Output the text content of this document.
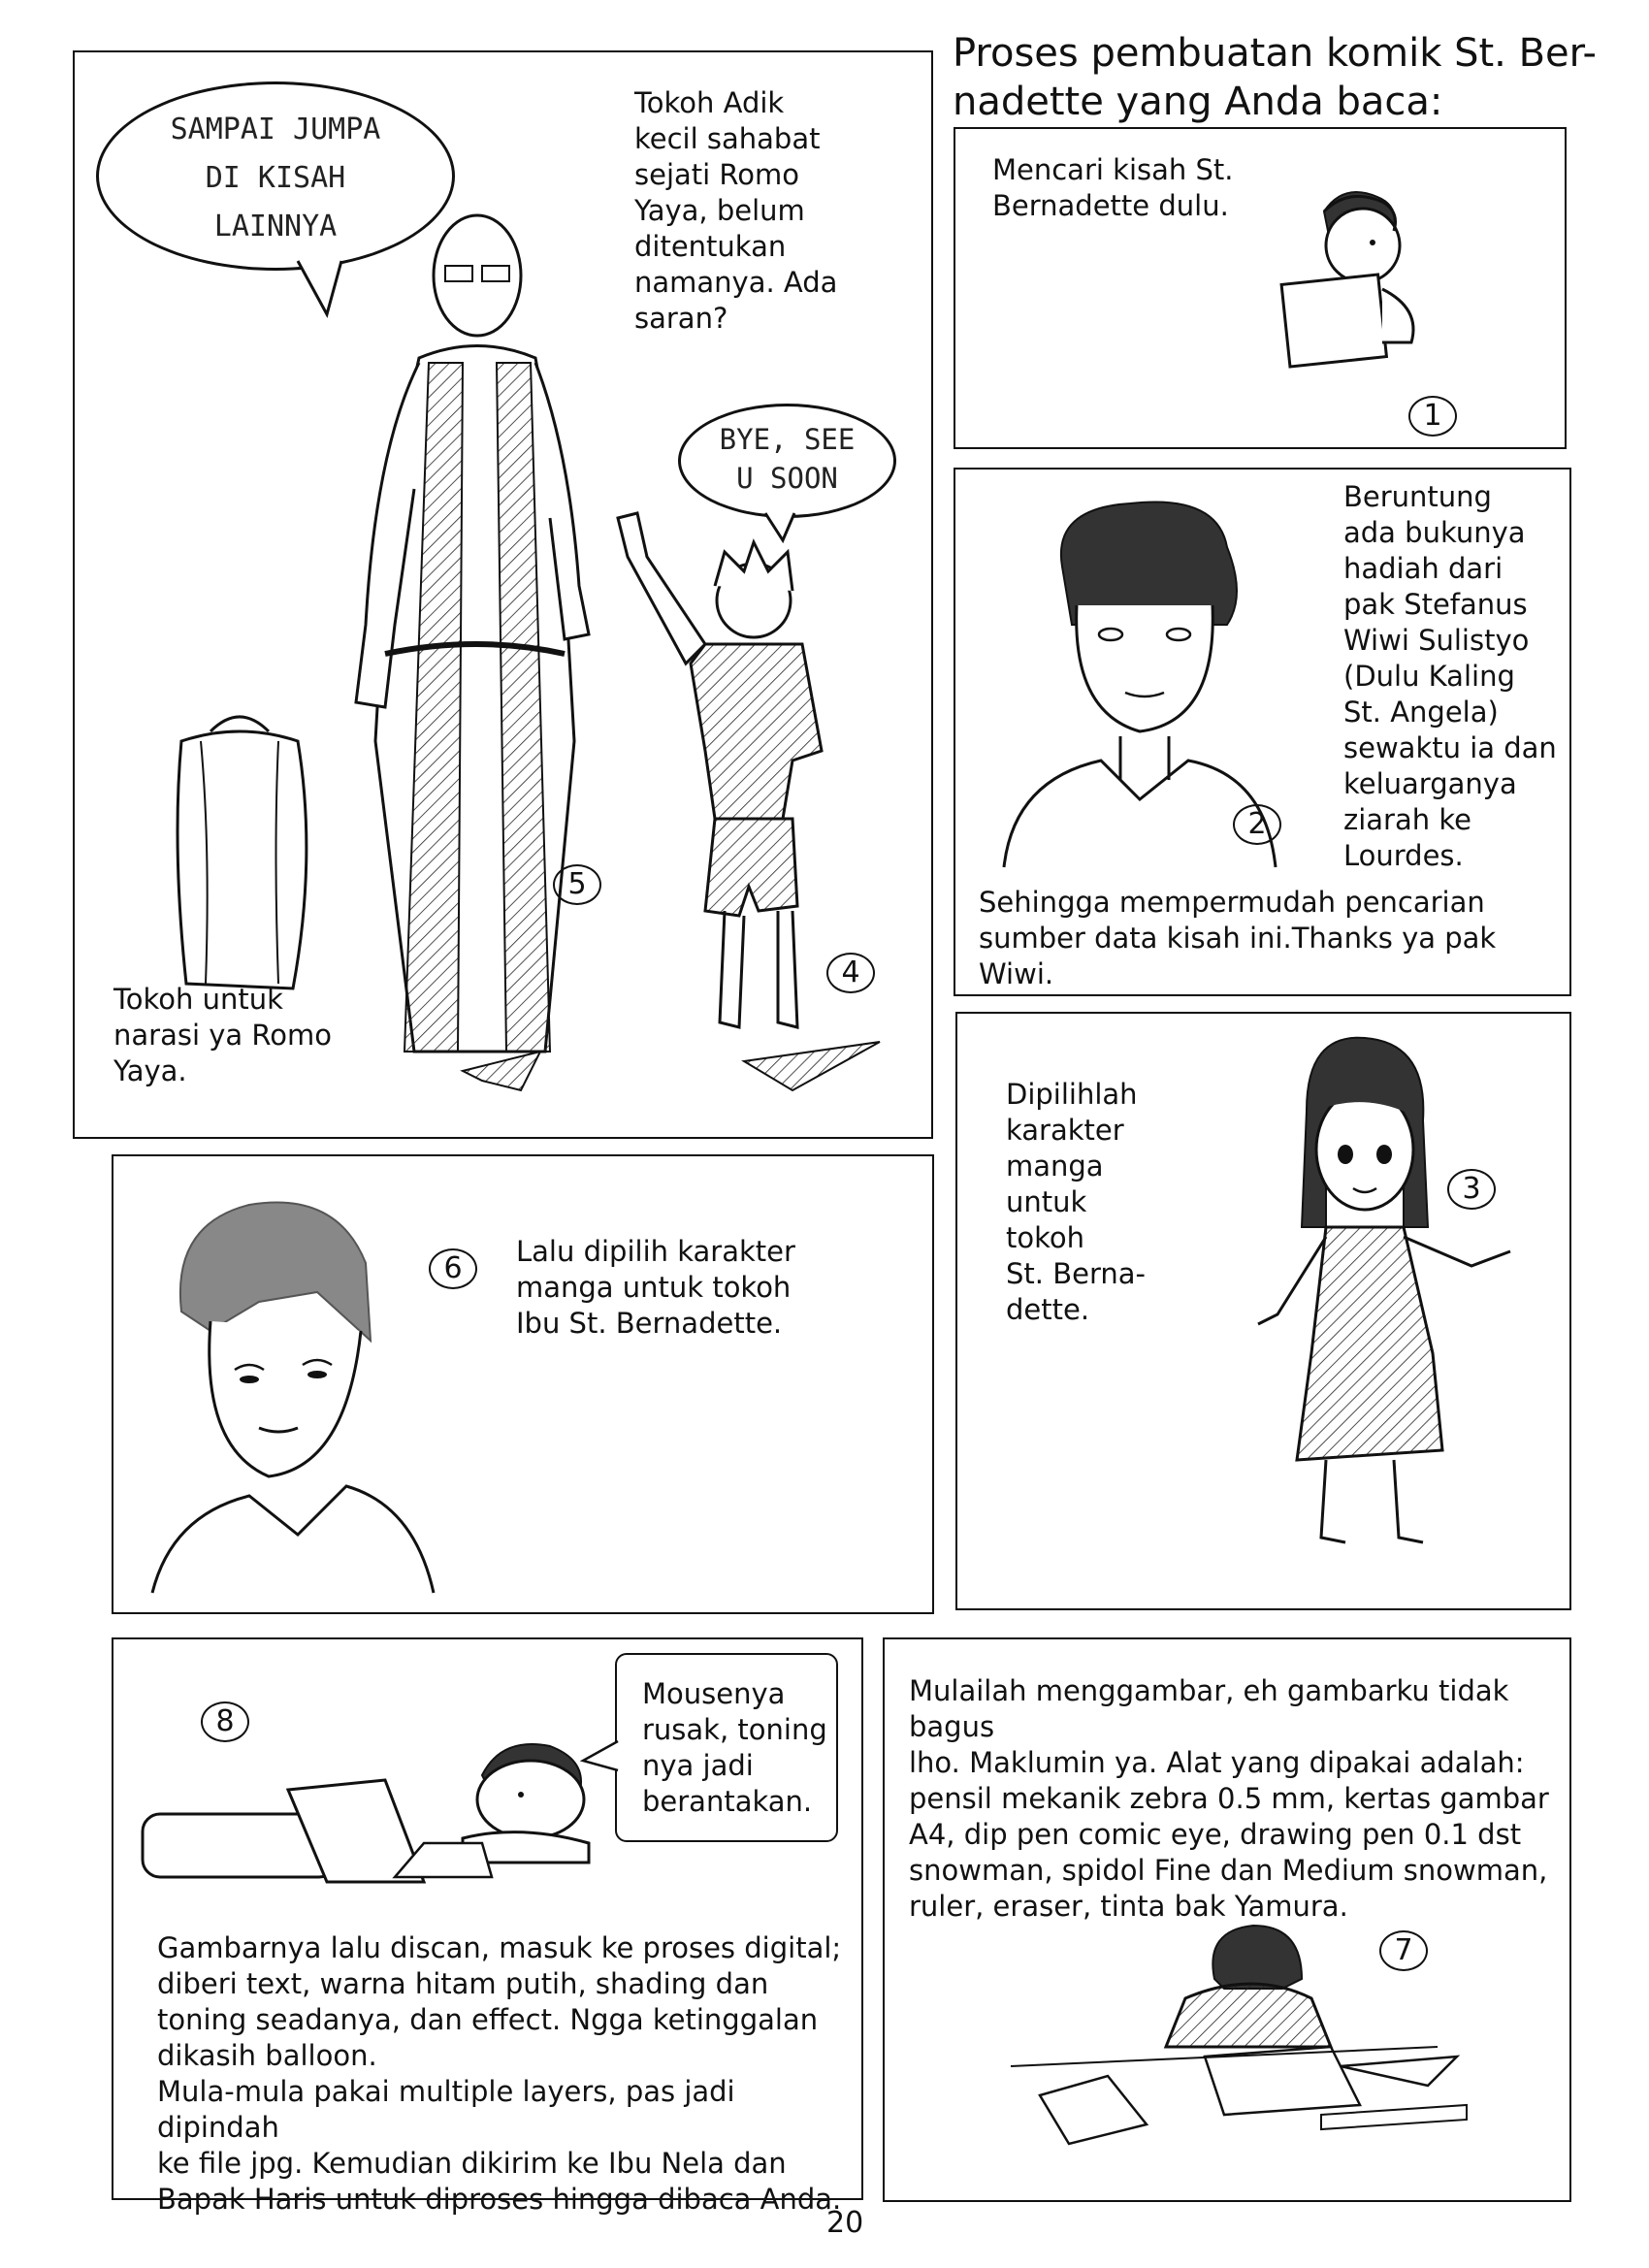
Proses pembuatan komik St. Ber-
nadette yang Anda baca:
SAMPAI JUMPA
DI KISAH
LAINNYA
5
Tokoh Adik
kecil sahabat
sejati Romo
Yaya, belum
ditentukan
namanya. Ada
saran?
BYE, SEE
U SOON
4
Tokoh untuk
narasi ya Romo
Yaya.
Mencari kisah St.
Bernadette dulu.
1
Beruntung
ada bukunya
hadiah dari
pak Stefanus
Wiwi Sulistyo
(Dulu Kaling
St. Angela)
sewaktu ia dan
keluarganya
ziarah ke
Lourdes.
2
Sehingga mempermudah pencarian
sumber data kisah ini.Thanks ya pak Wiwi.
Dipilihlah
karakter
manga
untuk
tokoh
St. Berna-
dette.
3
6	Lalu dipilih karakter
manga untuk tokoh
Ibu St. Bernadette.
8
Mousenya
rusak, toning
nya jadi
berantakan.
Gambarnya lalu discan, masuk ke proses digital;
diberi text, warna hitam putih, shading dan
toning seadanya, dan effect. Ngga ketinggalan
dikasih balloon.
Mula-mula pakai multiple layers, pas jadi dipindah
ke file jpg. Kemudian dikirim ke Ibu Nela dan
Bapak Haris untuk diproses hingga dibaca Anda.
Mulailah menggambar, eh gambarku tidak bagus
lho. Maklumin ya. Alat yang dipakai adalah:
pensil mekanik zebra 0.5 mm, kertas gambar
A4, dip pen comic eye, drawing pen 0.1 dst
snowman, spidol Fine dan Medium snowman,
ruler, eraser, tinta bak Yamura.
7
20
